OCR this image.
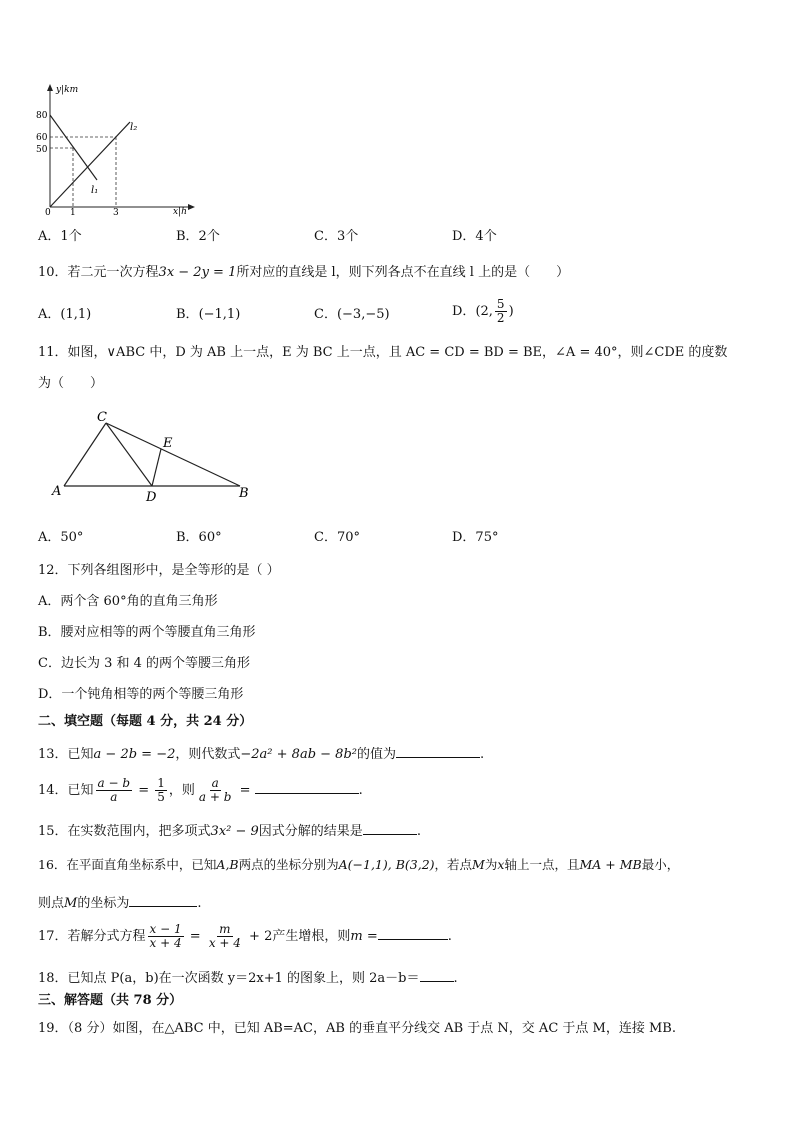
y|km
x|h
80
60
50
0 1	3
l₂
l₁
A．1个	B．2个	C．3个	D．4个
10．若二元一次方程3x − 2y = 1所对应的直线是 l，则下列各点不在直线 l 上的是（　　）
A．(1,1)	B．(−1,1)	C．(−3,−5)	D．(2, $\frac{5}{2}$ )
11．如图，∨ABC 中，D 为 AB 上一点，E 为 BC 上一点，且 AC = CD = BD = BE，∠A = 40°，则∠CDE 的度数
为（　　）
A	B
C
D
E
A．50°	B．60°	C．70°	D．75°
12．下列各组图形中，是全等形的是（ ）
A．两个含 60°角的直角三角形
B．腰对应相等的两个等腰直角三角形
C．边长为 3 和 4 的两个等腰三角形
D．一个钝角相等的两个等腰三角形
二、填空题（每题 4 分，共 24 分）
13．已知a − 2b = −2，则代数式−2a² + 8ab − 8b²的值为	.
14．已知 $\frac{a - b}{a} = \frac{1}{5}$ ，则 $\frac{a}{a + b}$ =	.
15．在实数范围内，把多项式3x² − 9因式分解的结果是	.
16．在平面直角坐标系中，已知A,B两点的坐标分别为A(−1,1), B(3,2)，若点M为x轴上一点，且MA + MB最小，
则点M的坐标为	.
17．若解分式方程 $\frac{x - 1}{x + 4} = \frac{m}{x + 4} + 2$产生增根，则m =	.
18．已知点 P(a，b)在一次函数 y＝2x+1 的图象上，则 2a－b＝	.
三、解答题（共 78 分）
19．（8 分）如图，在△ABC 中，已知 AB=AC，AB 的垂直平分线交 AB 于点 N，交 AC 于点 M，连接 MB.
